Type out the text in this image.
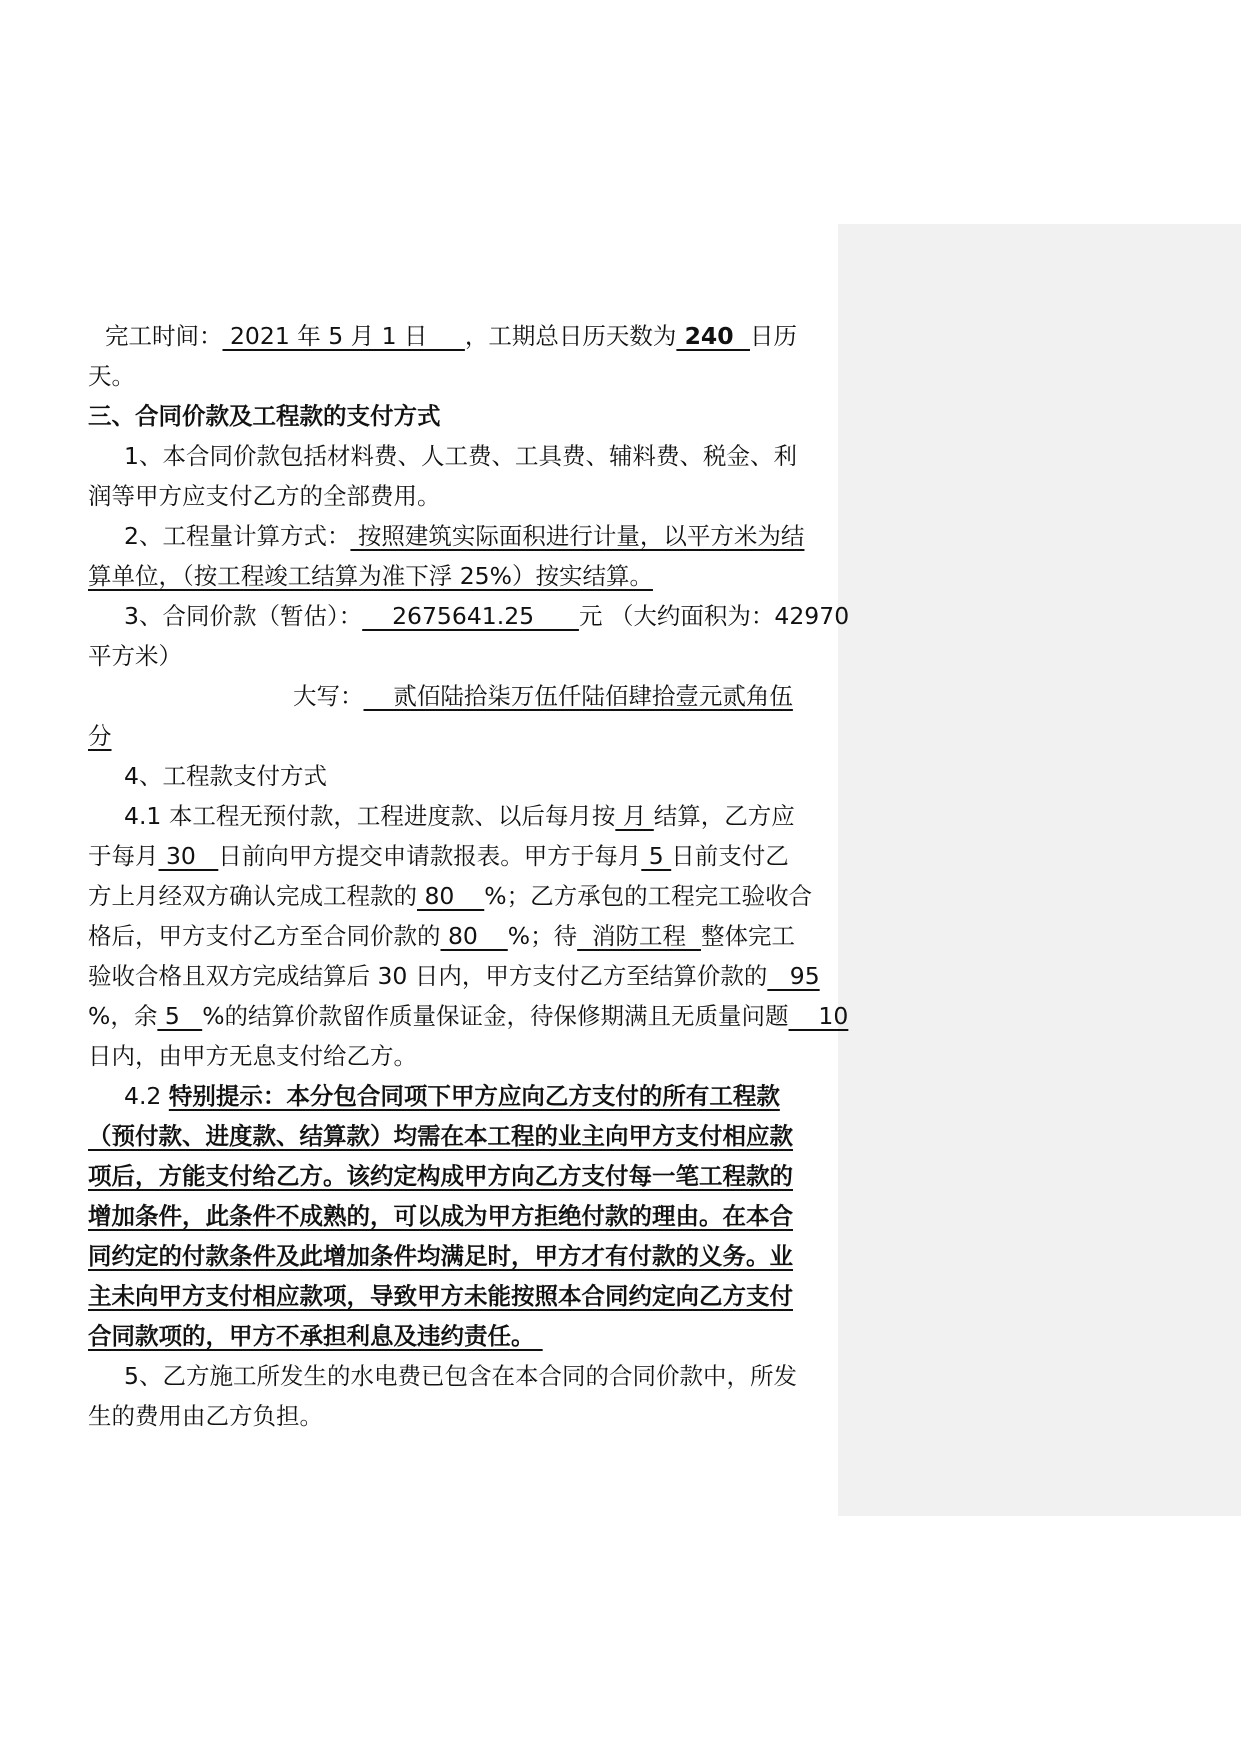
完工时间： 2021 年 5 月 1 日     ，工期总日历天数为 240  日历
天。
三、合同价款及工程款的支付方式
1、本合同价款包括材料费、人工费、工具费、辅料费、税金、利
润等甲方应支付乙方的全部费用。
2、工程量计算方式： 按照建筑实际面积进行计量，以平方米为结
算单位，（按工程竣工结算为准下浮 25%）按实结算。
3、合同价款（暂估）：    2675641.25      元 （大约面积为：42970
平方米）
大写：    贰佰陆拾柒万伍仟陆佰肆拾壹元贰角伍
分
4、工程款支付方式
4.1 本工程无预付款，工程进度款、以后每月按 月 结算，乙方应
于每月 30   日前向甲方提交申请款报表。甲方于每月 5 日前支付乙
方上月经双方确认完成工程款的 80    %；乙方承包的工程完工验收合
格后，甲方支付乙方至合同价款的 80    %；待  消防工程  整体完工
验收合格且双方完成结算后 30 日内，甲方支付乙方至结算价款的   95
%，余 5   %的结算价款留作质量保证金，待保修期满且无质量问题    10
日内，由甲方无息支付给乙方。
4.2 特别提示：本分包合同项下甲方应向乙方支付的所有工程款
（预付款、进度款、结算款）均需在本工程的业主向甲方支付相应款
项后，方能支付给乙方。该约定构成甲方向乙方支付每一笔工程款的
增加条件，此条件不成熟的，可以成为甲方拒绝付款的理由。在本合
同约定的付款条件及此增加条件均满足时，甲方才有付款的义务。业
主未向甲方支付相应款项，导致甲方未能按照本合同约定向乙方支付
合同款项的，甲方不承担利息及违约责任。
5、乙方施工所发生的水电费已包含在本合同的合同价款中，所发
生的费用由乙方负担。
